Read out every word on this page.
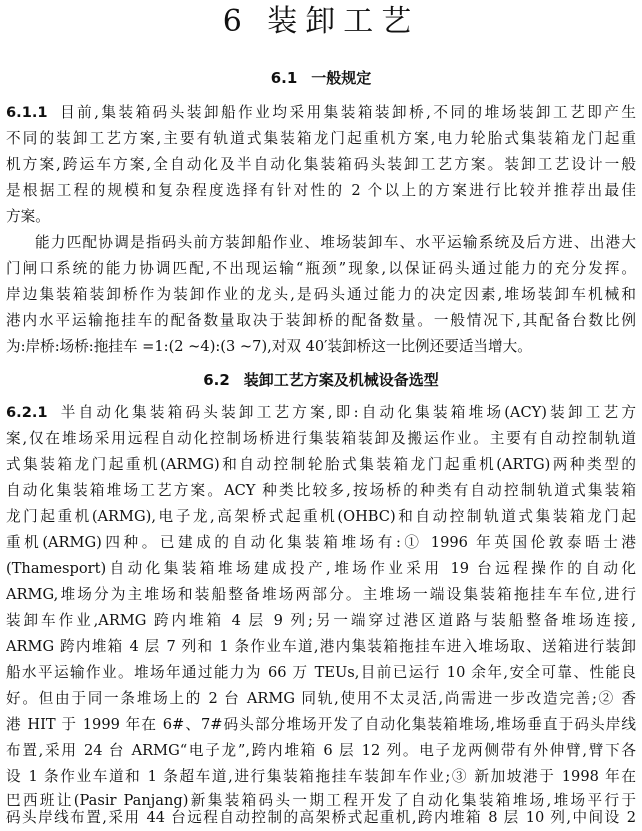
6 装卸工艺
6.1 一般规定
6.1.1 目前,集装箱码头装卸船作业均采用集装箱装卸桥,不同的堆场装卸工艺即产生
不同的装卸工艺方案,主要有轨道式集装箱龙门起重机方案,电力轮胎式集装箱龙门起重
机方案,跨运车方案,全自动化及半自动化集装箱码头装卸工艺方案。装卸工艺设计一般
是根据工程的规模和复杂程度选择有针对性的 2 个以上的方案进行比较并推荐出最佳
方案。
能力匹配协调是指码头前方装卸船作业、堆场装卸车、水平运输系统及后方进、出港大
门闸口系统的能力协调匹配,不出现运输“瓶颈”现象,以保证码头通过能力的充分发挥。
岸边集装箱装卸桥作为装卸作业的龙头,是码头通过能力的决定因素,堆场装卸车机械和
港内水平运输拖挂车的配备数量取决于装卸桥的配备数量。一般情况下,其配备台数比例
为:岸桥:场桥:拖挂车 =1:(2 ~4):(3 ~7),对双 40′装卸桥这一比例还要适当增大。
6.2 装卸工艺方案及机械设备选型
6.2.1 半自动化集装箱码头装卸工艺方案,即:自动化集装箱堆场(ACY)装卸工艺方
案,仅在堆场采用远程自动化控制场桥进行集装箱装卸及搬运作业。主要有自动控制轨道
式集装箱龙门起重机(ARMG)和自动控制轮胎式集装箱龙门起重机(ARTG)两种类型的
自动化集装箱堆场工艺方案。ACY 种类比较多,按场桥的种类有自动控制轨道式集装箱
龙门起重机(ARMG),电子龙,高架桥式起重机(OHBC)和自动控制轨道式集装箱龙门起
重机(ARMG)四种。已建成的自动化集装箱堆场有:① 1996 年英国伦敦泰晤士港
(Thamesport)自动化集装箱堆场建成投产,堆场作业采用 19 台远程操作的自动化
ARMG,堆场分为主堆场和装船整备堆场两部分。主堆场一端设集装箱拖挂车车位,进行
装卸车作业,ARMG 跨内堆箱 4 层 9 列;另一端穿过港区道路与装船整备堆场连接,
ARMG 跨内堆箱 4 层 7 列和 1 条作业车道,港内集装箱拖挂车进入堆场取、送箱进行装卸
船水平运输作业。堆场年通过能力为 66 万 TEUs,目前已运行 10 余年,安全可靠、性能良
好。但由于同一条堆场上的 2 台 ARMG 同轨,使用不太灵活,尚需进一步改造完善;② 香
港 HIT 于 1999 年在 6#、7#码头部分堆场开发了自动化集装箱堆场,堆场垂直于码头岸线
布置,采用 24 台 ARMG“电子龙”,跨内堆箱 6 层 12 列。电子龙两侧带有外伸臂,臂下各
设 1 条作业车道和 1 条超车道,进行集装箱拖挂车装卸车作业;③ 新加坡港于 1998 年在
巴西班让(Pasir Panjang)新集装箱码头一期工程开发了自动化集装箱堆场,堆场平行于
码头岸线布置,采用 44 台远程自动控制的高架桥式起重机,跨内堆箱 8 层 10 列,中间设 2
